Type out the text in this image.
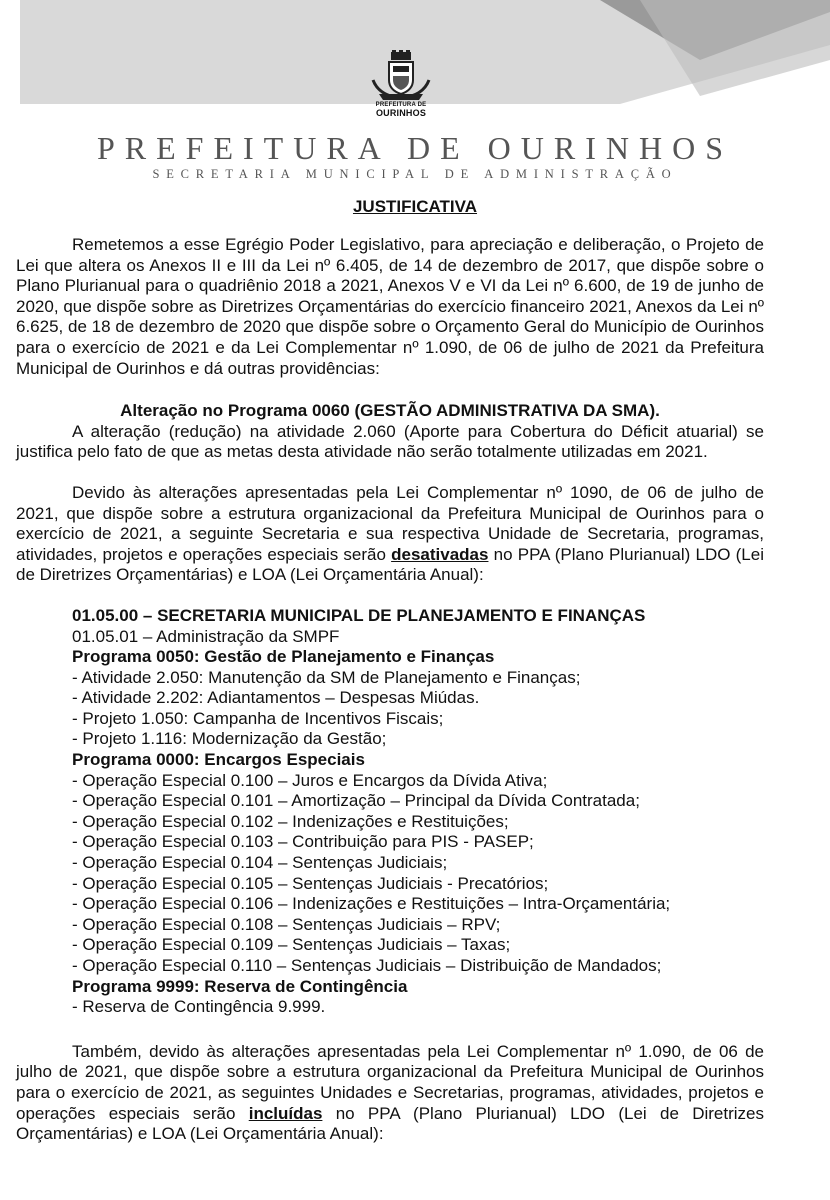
PREFEITURA DE
OURINHOS
PREFEITURA DE OURINHOS
SECRETARIA MUNICIPAL DE ADMINISTRAÇÃO
JUSTIFICATIVA

Remetemos a esse Egrégio Poder Legislativo, para apreciação e deliberação, o Projeto de Lei que altera os Anexos II e III da Lei nº 6.405, de 14 de dezembro de 2017, que dispõe sobre o Plano Plurianual para o quadriênio 2018 a 2021, Anexos V e VI da Lei nº 6.600, de 19 de junho de 2020, que dispõe sobre as Diretrizes Orçamentárias do exercício financeiro 2021, Anexos da Lei nº 6.625, de 18 de dezembro de 2020 que dispõe sobre o Orçamento Geral do Município de Ourinhos para o exercício de 2021 e da Lei Complementar nº 1.090, de 06 de julho de 2021 da Prefeitura Municipal de Ourinhos e dá outras providências:

Alteração no Programa 0060 (GESTÃO ADMINISTRATIVA DA SMA).

A alteração (redução) na atividade 2.060 (Aporte para Cobertura do Déficit atuarial) se justifica pelo fato de que as metas desta atividade não serão totalmente utilizadas em 2021.

Devido às alterações apresentadas pela Lei Complementar nº 1090, de 06 de julho de 2021, que dispõe sobre a estrutura organizacional da Prefeitura Municipal de Ourinhos para o exercício de 2021, a seguinte Secretaria e sua respectiva Unidade de Secretaria, programas, atividades, projetos e operações especiais serão desativadas no PPA (Plano Plurianual) LDO (Lei de Diretrizes Orçamentárias) e LOA (Lei Orçamentária Anual):

01.05.00 – SECRETARIA MUNICIPAL DE PLANEJAMENTO E FINANÇAS
01.05.01 – Administração da SMPF
Programa 0050: Gestão de Planejamento e Finanças
- Atividade 2.050: Manutenção da SM de Planejamento e Finanças;
- Atividade 2.202: Adiantamentos – Despesas Miúdas.
- Projeto 1.050: Campanha de Incentivos Fiscais;
- Projeto 1.116: Modernização da Gestão;
Programa 0000: Encargos Especiais
- Operação Especial 0.100 – Juros e Encargos da Dívida Ativa;
- Operação Especial 0.101 – Amortização – Principal da Dívida Contratada;
- Operação Especial 0.102 – Indenizações e Restituições;
- Operação Especial 0.103 – Contribuição para PIS - PASEP;
- Operação Especial 0.104 – Sentenças Judiciais;
- Operação Especial 0.105 – Sentenças Judiciais - Precatórios;
- Operação Especial 0.106 – Indenizações e Restituições – Intra-Orçamentária;
- Operação Especial 0.108 – Sentenças Judiciais – RPV;
- Operação Especial 0.109 – Sentenças Judiciais – Taxas;
- Operação Especial 0.110 – Sentenças Judiciais – Distribuição de Mandados;
Programa 9999: Reserva de Contingência
- Reserva de Contingência 9.999.

Também, devido às alterações apresentadas pela Lei Complementar nº 1.090, de 06 de julho de 2021, que dispõe sobre a estrutura organizacional da Prefeitura Municipal de Ourinhos para o exercício de 2021, as seguintes Unidades e Secretarias, programas, atividades, projetos e operações especiais serão incluídas no PPA (Plano Plurianual) LDO (Lei de Diretrizes Orçamentárias) e LOA (Lei Orçamentária Anual):
